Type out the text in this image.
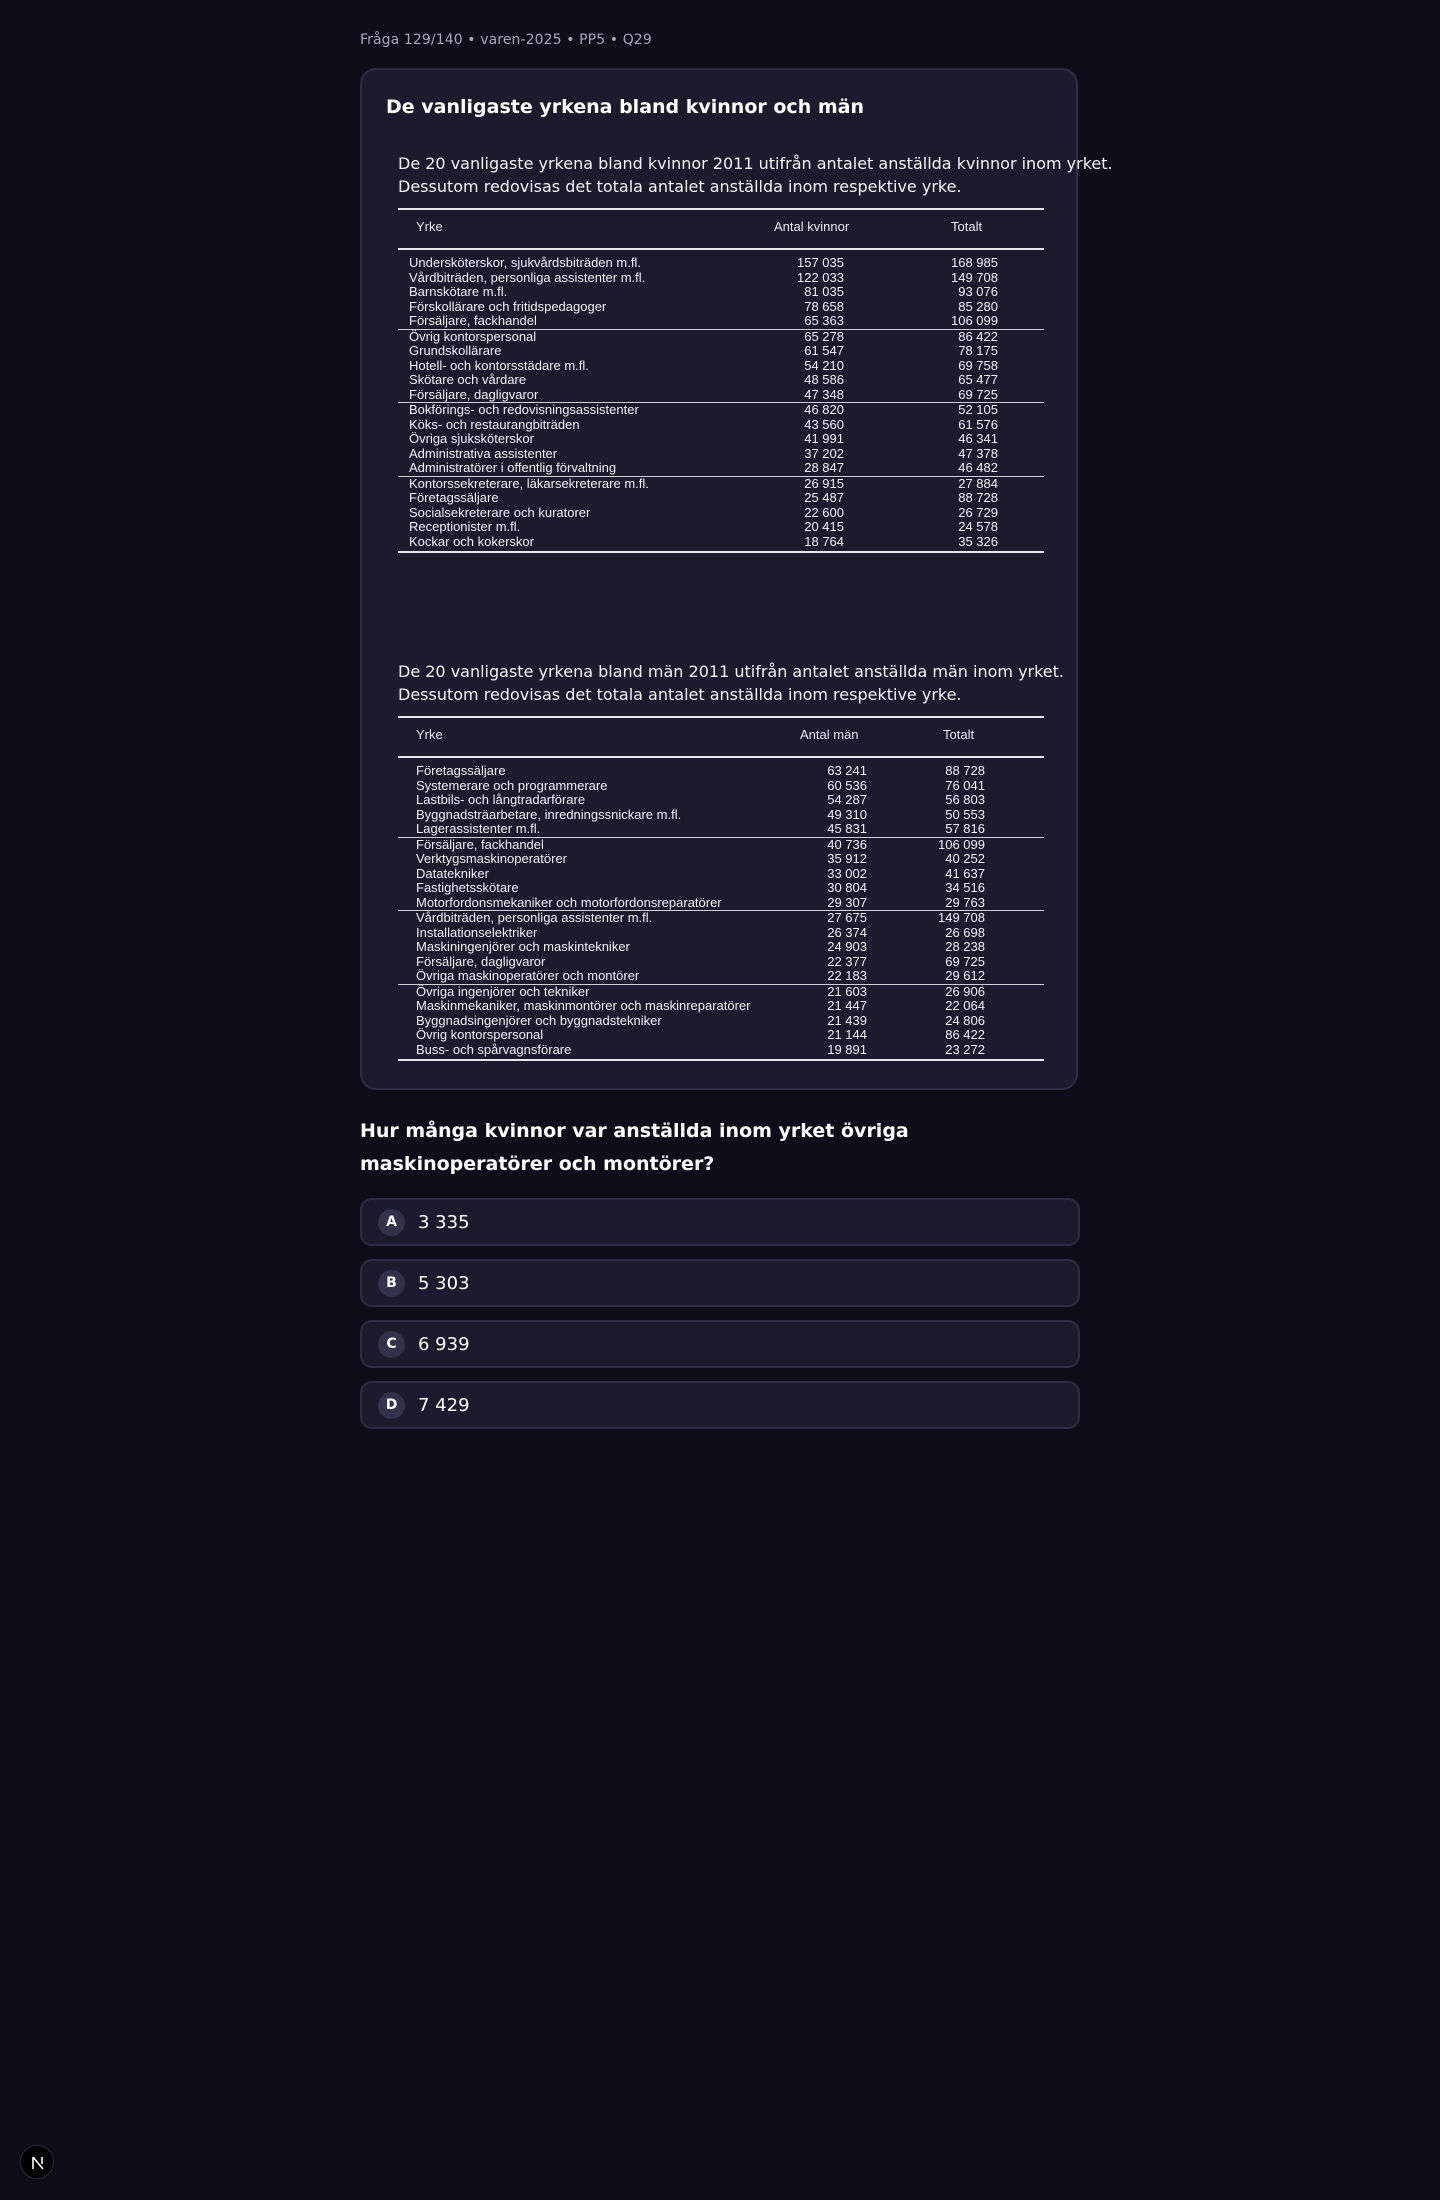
Fråga 129/140 • varen-2025 • PP5 • Q29
De vanligaste yrkena bland kvinnor och män
De 20 vanligaste yrkena bland kvinnor 2011 utifrån antalet anställda kvinnor inom yrket.
Dessutom redovisas det totala antalet anställda inom respektive yrke.
Yrke	Antal kvinnor	Totalt
Undersköterskor, sjukvårdsbiträden m.fl.	157 035	168 985
Vårdbiträden, personliga assistenter m.fl.	122 033	149 708
Barnskötare m.fl.	81 035	93 076
Förskollärare och fritidspedagoger	78 658	85 280
Försäljare, fackhandel	65 363	106 099
Övrig kontorspersonal	65 278	86 422
Grundskollärare	61 547	78 175
Hotell- och kontorsstädare m.fl.	54 210	69 758
Skötare och vårdare	48 586	65 477
Försäljare, dagligvaror	47 348	69 725
Bokförings- och redovisningsassistenter	46 820	52 105
Köks- och restaurangbiträden	43 560	61 576
Övriga sjuksköterskor	41 991	46 341
Administrativa assistenter	37 202	47 378
Administratörer i offentlig förvaltning	28 847	46 482
Kontorssekreterare, läkarsekreterare m.fl.	26 915	27 884
Företagssäljare	25 487	88 728
Socialsekreterare och kuratorer	22 600	26 729
Receptionister m.fl.	20 415	24 578
Kockar och kokerskor	18 764	35 326
De 20 vanligaste yrkena bland män 2011 utifrån antalet anställda män inom yrket.
Dessutom redovisas det totala antalet anställda inom respektive yrke.
Yrke	Antal män	Totalt
Företagssäljare	63 241	88 728
Systemerare och programmerare	60 536	76 041
Lastbils- och långtradarförare	54 287	56 803
Byggnadsträarbetare, inredningssnickare m.fl.	49 310	50 553
Lagerassistenter m.fl.	45 831	57 816
Försäljare, fackhandel	40 736	106 099
Verktygsmaskinoperatörer	35 912	40 252
Datatekniker	33 002	41 637
Fastighetsskötare	30 804	34 516
Motorfordonsmekaniker och motorfordonsreparatörer	29 307	29 763
Vårdbiträden, personliga assistenter m.fl.	27 675	149 708
Installationselektriker	26 374	26 698
Maskiningenjörer och maskintekniker	24 903	28 238
Försäljare, dagligvaror	22 377	69 725
Övriga maskinoperatörer och montörer	22 183	29 612
Övriga ingenjörer och tekniker	21 603	26 906
Maskinmekaniker, maskinmontörer och maskinreparatörer	21 447	22 064
Byggnadsingenjörer och byggnadstekniker	21 439	24 806
Övrig kontorspersonal	21 144	86 422
Buss- och spårvagnsförare	19 891	23 272
Hur många kvinnor var anställda inom yrket övriga maskinoperatörer och montörer?
A	3 335
B	5 303
C	6 939
D	7 429
